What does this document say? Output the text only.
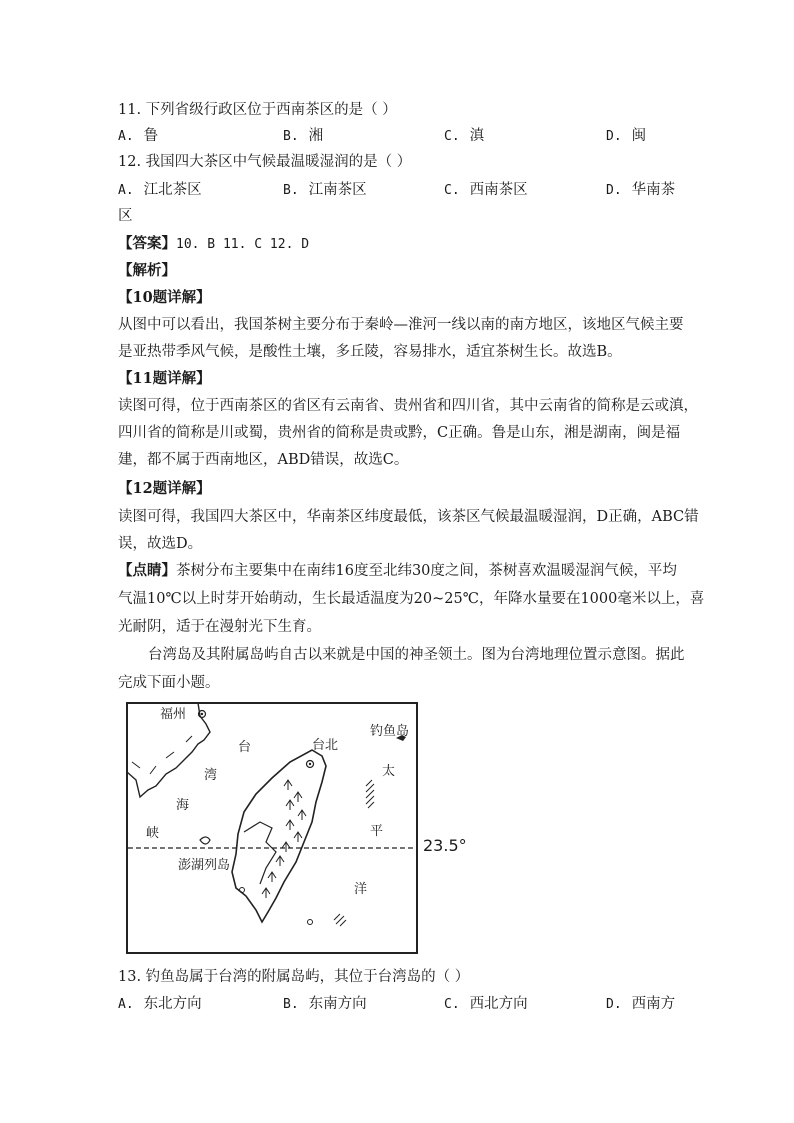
11. 下列省级行政区位于西南茶区的是（ ）
A. 鲁	B. 湘	C. 滇	D. 闽
12. 我国四大茶区中气候最温暖湿润的是（ ）
A. 江北茶区	B. 江南茶区	C. 西南茶区	D. 华南茶
区
【答案】10. B 11. C 12. D
【解析】
【10题详解】
从图中可以看出，我国茶树主要分布于秦岭—淮河一线以南的南方地区，该地区气候主要
是亚热带季风气候，是酸性土壤，多丘陵，容易排水，适宜茶树生长。故选B。
【11题详解】
读图可得，位于西南茶区的省区有云南省、贵州省和四川省，其中云南省的简称是云或滇，
四川省的简称是川或蜀，贵州省的简称是贵或黔，C正确。鲁是山东，湘是湖南，闽是福
建，都不属于西南地区，ABD错误，故选C。
【12题详解】
读图可得，我国四大茶区中，华南茶区纬度最低，该茶区气候最温暖湿润，D正确，ABC错
误，故选D。
【点睛】茶树分布主要集中在南纬16度至北纬30度之间，茶树喜欢温暖湿润气候，平均
气温10℃以上时芽开始萌动，生长最适温度为20~25℃，年降水量要在1000毫米以上，喜
光耐阴，适于在漫射光下生育。
台湾岛及其附属岛屿自古以来就是中国的神圣领土。图为台湾地理位置示意图。据此
完成下面小题。
福州
钓鱼岛
台北
台
湾
海
峡
太
平
洋
澎湖列岛
23.5°
13. 钓鱼岛属于台湾的附属岛屿，其位于台湾岛的（ ）
A. 东北方向	B. 东南方向	C. 西北方向	D. 西南方
